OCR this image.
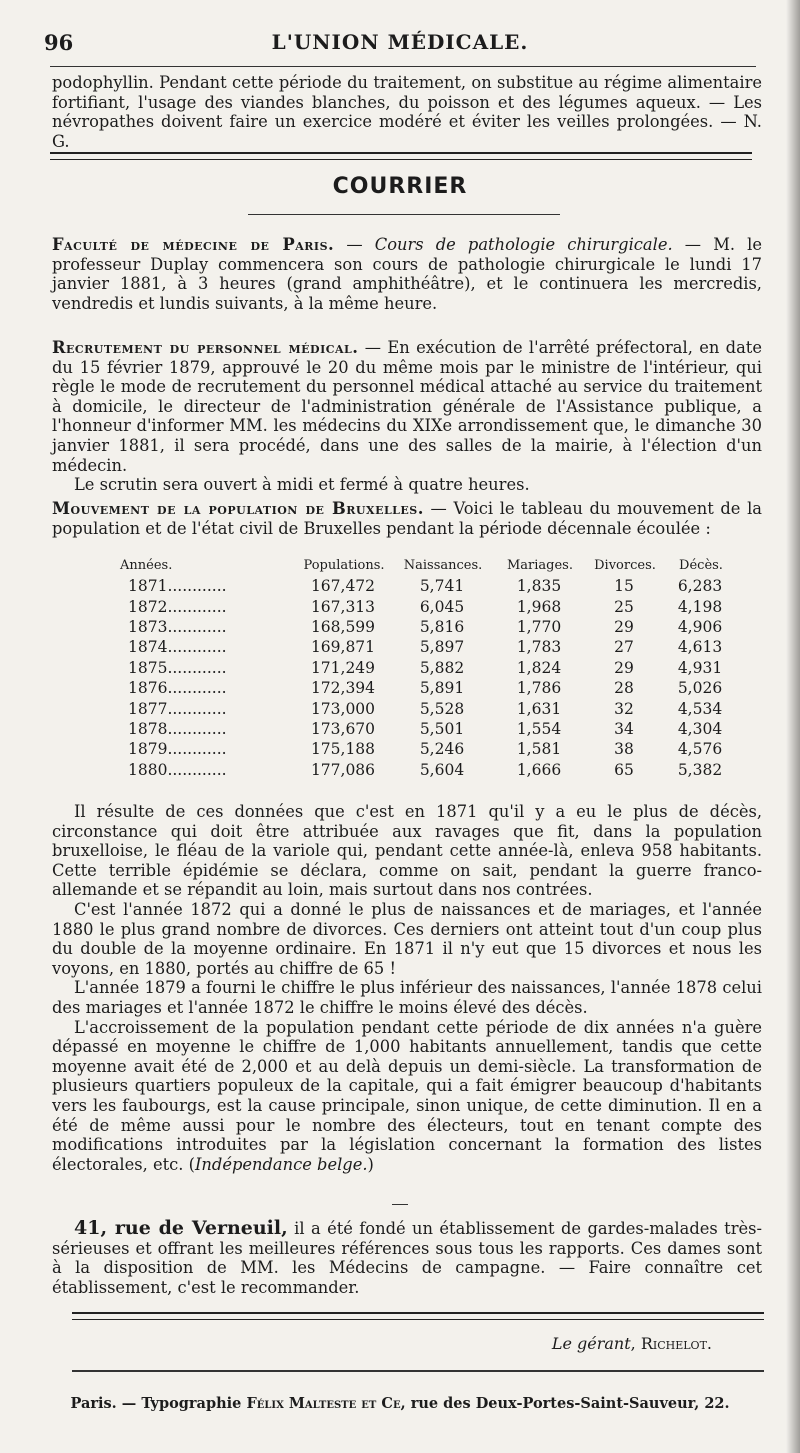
96	L'UNION MÉDICALE.

podophyllin. Pendant cette période du traitement, on substitue au régime alimentaire fortifiant, l'usage des viandes blanches, du poisson et des légumes aqueux. — Les névropathes doivent faire un exercice modéré et éviter les veilles prolongées. — N. G.

COURRIER

Faculté de médecine de Paris. — Cours de pathologie chirurgicale. — M. le professeur Duplay commencera son cours de pathologie chirurgicale le lundi 17 janvier 1881, à 3 heures (grand amphithéâtre), et le continuera les mercredis, vendredis et lundis suivants, à la même heure.

Recrutement du personnel médical. — En exécution de l'arrêté préfectoral, en date du 15 février 1879, approuvé le 20 du même mois par le ministre de l'intérieur, qui règle le mode de recrutement du personnel médical attaché au service du traitement à domicile, le directeur de l'administration générale de l'Assistance publique, a l'honneur d'informer MM. les médecins du XIXe arrondissement que, le dimanche 30 janvier 1881, il sera procédé, dans une des salles de la mairie, à l'élection d'un médecin.

Le scrutin sera ouvert à midi et fermé à quatre heures.

Mouvement de la population de Bruxelles. — Voici le tableau du mouvement de la population et de l'état civil de Bruxelles pendant la période décennale écoulée :

Années.	Populations.	Naissances.	Mariages.	Divorces.	Décès.
1871............	167,472	5,741	1,835	15	6,283
1872............	167,313	6,045	1,968	25	4,198
1873............	168,599	5,816	1,770	29	4,906
1874............	169,871	5,897	1,783	27	4,613
1875............	171,249	5,882	1,824	29	4,931
1876............	172,394	5,891	1,786	28	5,026
1877............	173,000	5,528	1,631	32	4,534
1878............	173,670	5,501	1,554	34	4,304
1879............	175,188	5,246	1,581	38	4,576
1880............	177,086	5,604	1,666	65	5,382

Il résulte de ces données que c'est en 1871 qu'il y a eu le plus de décès, circonstance qui doit être attribuée aux ravages que fit, dans la population bruxelloise, le fléau de la variole qui, pendant cette année-là, enleva 958 habitants. Cette terrible épidémie se déclara, comme on sait, pendant la guerre franco-allemande et se répandit au loin, mais surtout dans nos contrées.

C'est l'année 1872 qui a donné le plus de naissances et de mariages, et l'année 1880 le plus grand nombre de divorces. Ces derniers ont atteint tout d'un coup plus du double de la moyenne ordinaire. En 1871 il n'y eut que 15 divorces et nous les voyons, en 1880, portés au chiffre de 65 !

L'année 1879 a fourni le chiffre le plus inférieur des naissances, l'année 1878 celui des mariages et l'année 1872 le chiffre le moins élevé des décès.

L'accroissement de la population pendant cette période de dix années n'a guère dépassé en moyenne le chiffre de 1,000 habitants annuellement, tandis que cette moyenne avait été de 2,000 et au delà depuis un demi-siècle. La transformation de plusieurs quartiers populeux de la capitale, qui a fait émigrer beaucoup d'habitants vers les faubourgs, est la cause principale, sinon unique, de cette diminution. Il en a été de même aussi pour le nombre des électeurs, tout en tenant compte des modifications introduites par la législation concernant la formation des listes électorales, etc. (Indépendance belge.)

41, rue de Verneuil, il a été fondé un établissement de gardes-malades très-sérieuses et offrant les meilleures références sous tous les rapports. Ces dames sont à la disposition de MM. les Médecins de campagne. — Faire connaître cet établissement, c'est le recommander.

Le gérant, Richelot.
Paris. — Typographie Félix Malteste et Ce, rue des Deux-Portes-Saint-Sauveur, 22.
